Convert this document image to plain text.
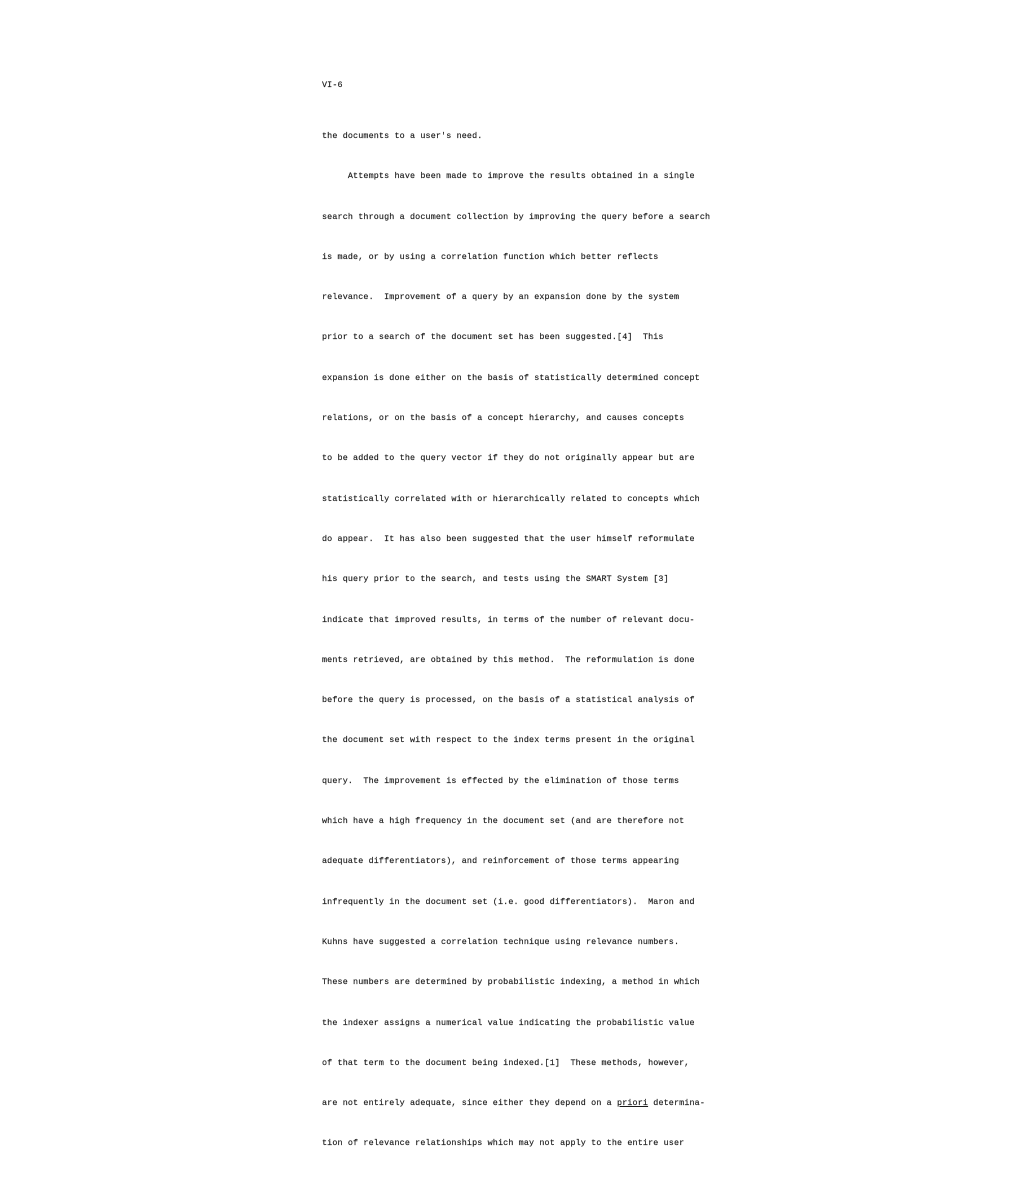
VI-6

the documents to a user's need.

Attempts have been made to improve the results obtained in a single

search through a document collection by improving the query before a search

is made, or by using a correlation function which better reflects

relevance.  Improvement of a query by an expansion done by the system

prior to a search of the document set has been suggested.[4]  This

expansion is done either on the basis of statistically determined concept

relations, or on the basis of a concept hierarchy, and causes concepts

to be added to the query vector if they do not originally appear but are

statistically correlated with or hierarchically related to concepts which

do appear.  It has also been suggested that the user himself reformulate

his query prior to the search, and tests using the SMART System [3]

indicate that improved results, in terms of the number of relevant docu-

ments retrieved, are obtained by this method.  The reformulation is done

before the query is processed, on the basis of a statistical analysis of

the document set with respect to the index terms present in the original

query.  The improvement is effected by the elimination of those terms

which have a high frequency in the document set (and are therefore not

adequate differentiators), and reinforcement of those terms appearing

infrequently in the document set (i.e. good differentiators).  Maron and

Kuhns have suggested a correlation technique using relevance numbers.

These numbers are determined by probabilistic indexing, a method in which

the indexer assigns a numerical value indicating the probabilistic value

of that term to the document being indexed.[1]  These methods, however,

are not entirely adequate, since either they depend on a priori determina-

tion of relevance relationships which may not apply to the entire user
